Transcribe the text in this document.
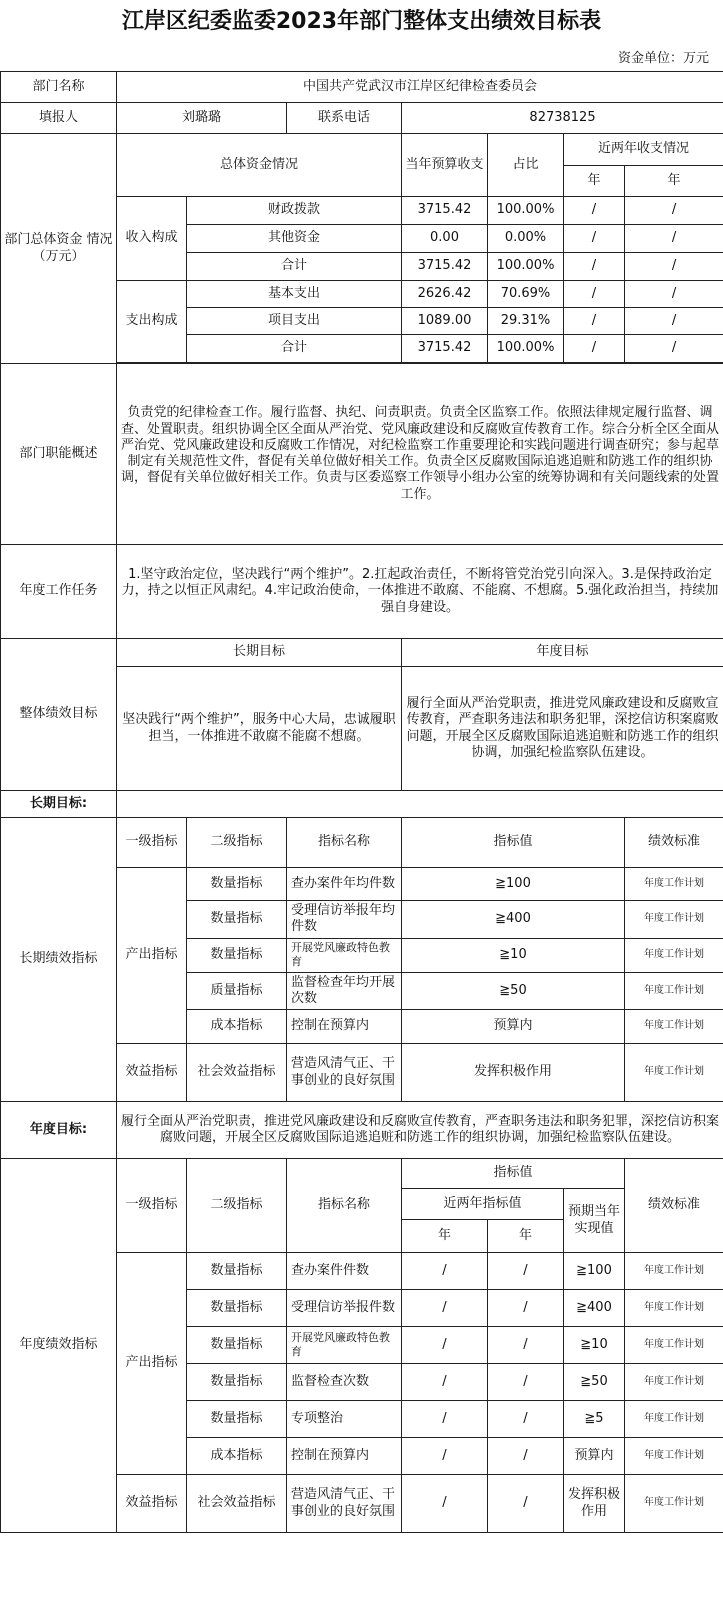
江岸区纪委监委2023年部门整体支出绩效目标表
资金单位：万元
部门名称	中国共产党武汉市江岸区纪律检查委员会						
填报人	刘璐璐		联系电话	82738125			
部门总体资金 情况（万元）	总体资金情况			当年预算收支	占比	近两年收支情况	
						年	年
	收入构成	财政拨款		3715.42	100.00%	/	/
		其他资金		0.00	0.00%	/	/
		合计		3715.42	100.00%	/	/
	支出构成	基本支出		2626.42	70.69%	/	/
		项目支出		1089.00	29.31%	/	/
		合计		3715.42	100.00%	/	/

部门职能概述	负责党的纪律检查工作。履行监督、执纪、问责职责。负责全区监察工作。依照法律规定履行监督、调查、处置职责。组织协调全区全面从严治党、党风廉政建设和反腐败宣传教育工作。综合分析全区全面从严治党、党风廉政建设和反腐败工作情况，对纪检监察工作重要理论和实践问题进行调查研究；参与起草制定有关规范性文件，督促有关单位做好相关工作。负责全区反腐败国际追逃追赃和防逃工作的组织协调，督促有关单位做好相关工作。负责与区委巡察工作领导小组办公室的统筹协调和有关问题线索的处置工作。						
年度工作任务	1.坚守政治定位，坚决践行“两个维护”。2.扛起政治责任，不断将管党治党引向深入。3.是保持政治定力，持之以恒正风肃纪。4.牢记政治使命，一体推进不敢腐、不能腐、不想腐。5.强化政治担当，持续加强自身建设。						
整体绩效目标	长期目标			年度目标			
	坚决践行“两个维护”，服务中心大局，忠诚履职担当，一体推进不敢腐不能腐不想腐。			履行全面从严治党职责，推进党风廉政建设和反腐败宣传教育，严查职务违法和职务犯罪，深挖信访积案腐败问题，开展全区反腐败国际追逃追赃和防逃工作的组织协调，加强纪检监察队伍建设。			
长期目标:							
长期绩效指标	一级指标	二级指标	指标名称	指标值			绩效标准
	产出指标	数量指标	查办案件年均件数	≧100			年度工作计划
		数量指标	受理信访举报年均件数	≧400			年度工作计划
		数量指标	开展党风廉政特色教育	≧10			年度工作计划
		质量指标	监督检查年均开展次数	≧50			年度工作计划
		成本指标	控制在预算内	预算内			年度工作计划
	效益指标	社会效益指标	营造风清气正、干事创业的良好氛围	发挥积极作用			年度工作计划
年度目标:	履行全面从严治党职责，推进党风廉政建设和反腐败宣传教育，严查职务违法和职务犯罪，深挖信访积案腐败问题，开展全区反腐败国际追逃追赃和防逃工作的组织协调，加强纪检监察队伍建设。						
年度绩效指标	一级指标	二级指标	指标名称	指标值			绩效标准
				近两年指标值		预期当年实现值	
				年	年		
	产出指标	数量指标	查办案件件数	/	/	≧100	年度工作计划
		数量指标	受理信访举报件数	/	/	≧400	年度工作计划
		数量指标	开展党风廉政特色教育	/	/	≧10	年度工作计划
		数量指标	监督检查次数	/	/	≧50	年度工作计划
		数量指标	专项整治	/	/	≧5	年度工作计划
		成本指标	控制在预算内	/	/	预算内	年度工作计划
	效益指标	社会效益指标	营造风清气正、干事创业的良好氛围	/	/	发挥积极作用	年度工作计划
